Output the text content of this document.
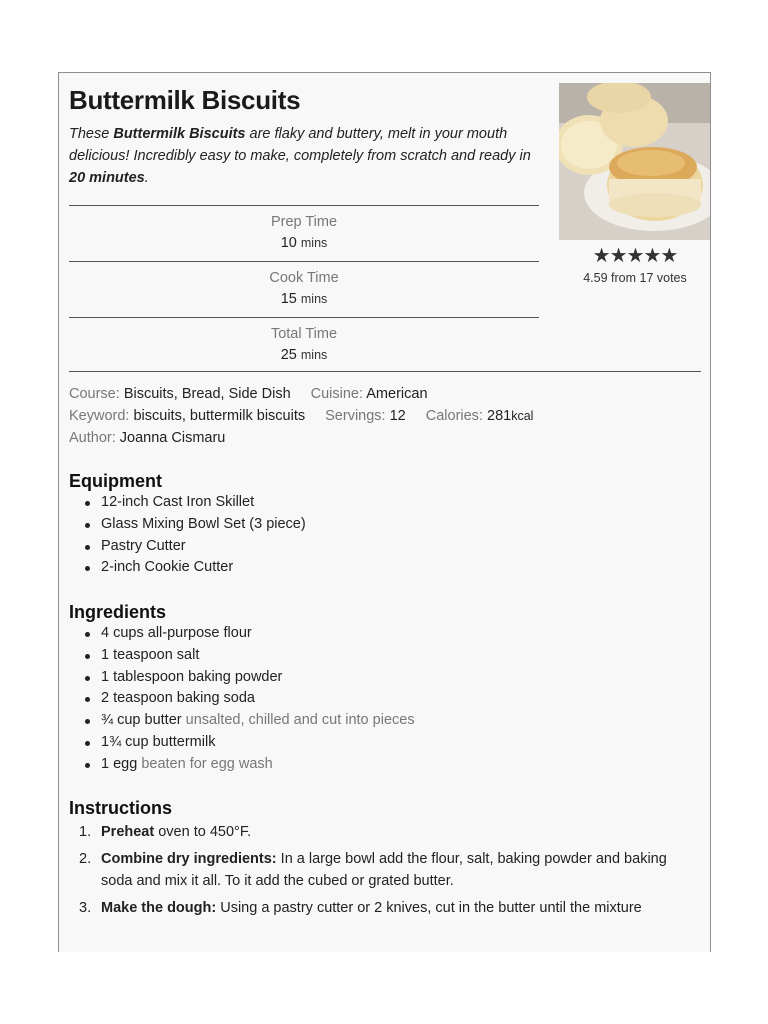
Buttermilk Biscuits

These Buttermilk Biscuits are flaky and buttery, melt in your mouth delicious! Incredibly easy to make, completely from scratch and ready in 20 minutes.

Prep Time
10 mins
Cook Time
15 mins
Total Time
25 mins
★★★★★
4.59 from 17 votes
Course: Biscuits, Bread, Side Dish Cuisine: American
Keyword: biscuits, buttermilk biscuits Servings: 12 Calories: 281kcal
Author: Joanna Cismaru
Equipment
12-inch Cast Iron Skillet
Glass Mixing Bowl Set (3 piece)
Pastry Cutter
2-inch Cookie Cutter
Ingredients
4 cups all-purpose flour
1 teaspoon salt
1 tablespoon baking powder
2 teaspoon baking soda
¾ cup butter unsalted, chilled and cut into pieces
1¾ cup buttermilk
1 egg beaten for egg wash
Instructions
1. Preheat oven to 450°F.
2. Combine dry ingredients: In a large bowl add the flour, salt, baking powder and baking soda and mix it all. To it add the cubed or grated butter.
3. Make the dough: Using a pastry cutter or 2 knives, cut in the butter until the mixture
